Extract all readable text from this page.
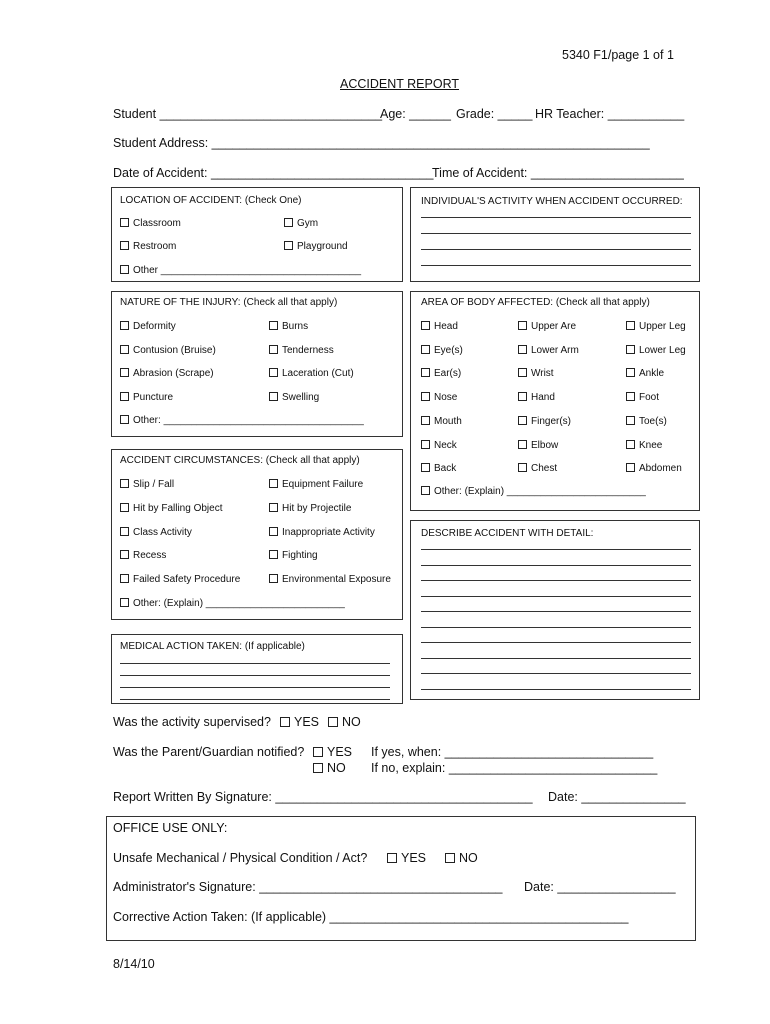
5340 F1/page 1 of 1
ACCIDENT REPORT
Student ________________________________
Age: ______ Grade: _____ HR Teacher: ___________
Student Address: _______________________________________________________________
Date of Accident: ________________________________
Time of Accident: ______________________
LOCATION OF ACCIDENT: (Check One)
Classroom	Gym
Restroom	Playground
Other ____________________________________
INDIVIDUAL'S ACTIVITY WHEN ACCIDENT OCCURRED:
NATURE OF THE INJURY: (Check all that apply)
Deformity	Burns
Contusion (Bruise)	Tenderness
Abrasion (Scrape)	Laceration (Cut)
Puncture	Swelling
Other: ____________________________________
AREA OF BODY AFFECTED: (Check all that apply)
Head	Upper Are	Upper Leg
Eye(s)	Lower Arm	Lower Leg
Ear(s)	Wrist	Ankle
Nose	Hand	Foot
Mouth	Finger(s)	Toe(s)
Neck	Elbow	Knee
Back	Chest	Abdomen
Other: (Explain) _________________________
ACCIDENT CIRCUMSTANCES: (Check all that apply)
Slip / Fall	Equipment Failure
Hit by Falling Object	Hit by Projectile
Class Activity	Inappropriate Activity
Recess	Fighting
Failed Safety Procedure	Environmental Exposure
Other: (Explain) _________________________
DESCRIBE ACCIDENT WITH DETAIL:
MEDICAL ACTION TAKEN: (If applicable)
Was the activity supervised?	YES	NO
Was the Parent/Guardian notified?	YES
NO
If yes, when: ______________________________
If no, explain: ______________________________
Report Written By Signature: _____________________________________ Date: _______________
OFFICE USE ONLY:
Unsafe Mechanical / Physical Condition / Act?	YES	NO
Administrator's Signature: ___________________________________ Date: _________________
Corrective Action Taken: (If applicable) ___________________________________________
8/14/10
